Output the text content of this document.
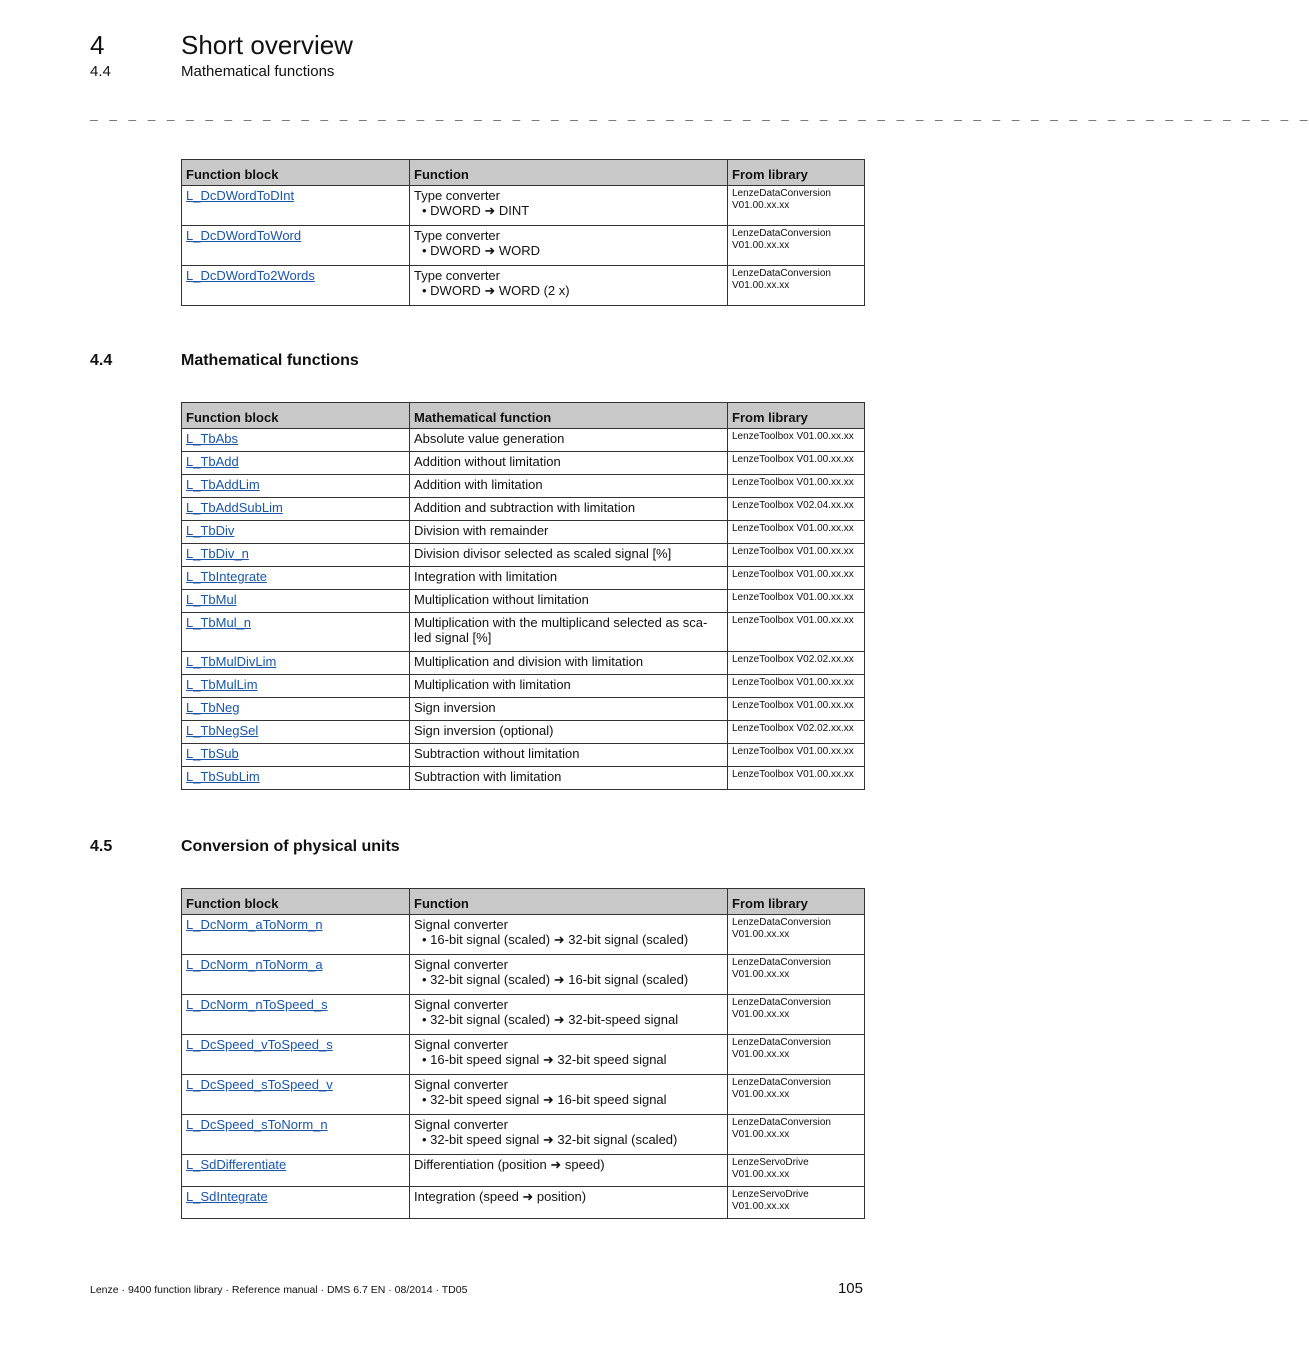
4	Short overview
4.4	Mathematical functions
_ _ _ _ _ _ _ _ _ _ _ _ _ _ _ _ _ _ _ _ _ _ _ _ _ _ _ _ _ _ _ _ _ _ _ _ _ _ _ _ _ _ _ _ _ _ _ _ _ _ _ _ _ _ _ _ _ _ _ _ _ _ _ _
Function block	Function	From library
L_DcDWordToDInt	Type converter
• DWORD ➜ DINT	LenzeDataConversion
V01.00.xx.xx

L_DcDWordToWord	Type converter
• DWORD ➜ WORD	LenzeDataConversion
V01.00.xx.xx

L_DcDWordTo2Words	Type converter
• DWORD ➜ WORD (2 x)	LenzeDataConversion
V01.00.xx.xx
4.4	Mathematical functions
Function block	Mathematical function	From library
L_TbAbs	Absolute value generation	LenzeToolbox V01.00.xx.xx

L_TbAdd	Addition without limitation	LenzeToolbox V01.00.xx.xx

L_TbAddLim	Addition with limitation	LenzeToolbox V01.00.xx.xx

L_TbAddSubLim	Addition and subtraction with limitation	LenzeToolbox V02.04.xx.xx

L_TbDiv	Division with remainder	LenzeToolbox V01.00.xx.xx

L_TbDiv_n	Division divisor selected as scaled signal [%]	LenzeToolbox V01.00.xx.xx

L_TbIntegrate	Integration with limitation	LenzeToolbox V01.00.xx.xx

L_TbMul	Multiplication without limitation	LenzeToolbox V01.00.xx.xx

L_TbMul_n	Multiplication with the multiplicand selected as sca-
led signal [%]	LenzeToolbox V01.00.xx.xx

L_TbMulDivLim	Multiplication and division with limitation	LenzeToolbox V02.02.xx.xx

L_TbMulLim	Multiplication with limitation	LenzeToolbox V01.00.xx.xx

L_TbNeg	Sign inversion	LenzeToolbox V01.00.xx.xx

L_TbNegSel	Sign inversion (optional)	LenzeToolbox V02.02.xx.xx

L_TbSub	Subtraction without limitation	LenzeToolbox V01.00.xx.xx

L_TbSubLim	Subtraction with limitation	LenzeToolbox V01.00.xx.xx
4.5	Conversion of physical units
Function block	Function	From library
L_DcNorm_aToNorm_n	Signal converter
• 16-bit signal (scaled) ➜ 32-bit signal (scaled)	LenzeDataConversion
V01.00.xx.xx

L_DcNorm_nToNorm_a	Signal converter
• 32-bit signal (scaled) ➜ 16-bit signal (scaled)	LenzeDataConversion
V01.00.xx.xx

L_DcNorm_nToSpeed_s	Signal converter
• 32-bit signal (scaled) ➜ 32-bit-speed signal	LenzeDataConversion
V01.00.xx.xx

L_DcSpeed_vToSpeed_s	Signal converter
• 16-bit speed signal ➜ 32-bit speed signal	LenzeDataConversion
V01.00.xx.xx

L_DcSpeed_sToSpeed_v	Signal converter
• 32-bit speed signal ➜ 16-bit speed signal	LenzeDataConversion
V01.00.xx.xx

L_DcSpeed_sToNorm_n	Signal converter
• 32-bit speed signal ➜ 32-bit signal (scaled)	LenzeDataConversion
V01.00.xx.xx

L_SdDifferentiate	Differentiation (position ➜ speed)	LenzeServoDrive
V01.00.xx.xx

L_SdIntegrate	Integration (speed ➜ position)	LenzeServoDrive
V01.00.xx.xx
Lenze · 9400 function library · Reference manual · DMS 6.7 EN · 08/2014 · TD05	105
